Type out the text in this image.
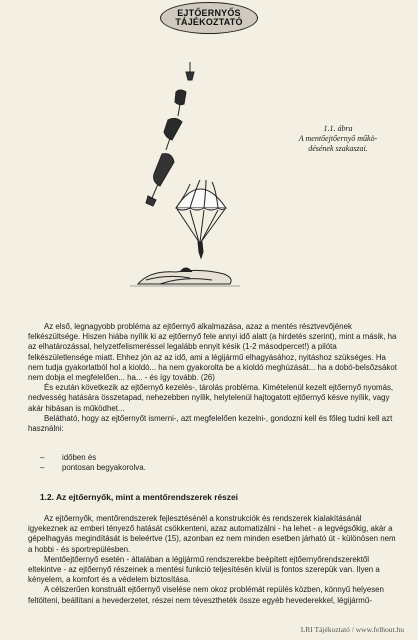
EJTŐERNYŐS
TÁJÉKOZTATÓ
1.1. ábra
A mentőejtőernyő műkö-
désének szakaszai.

Az első, legnagyobb probléma az ejtőernyő alkalmazása, azaz a mentés résztvevőjének felkészültsége. Hiszen hiába nyílik ki az ejtőernyő fele annyi idő alatt (a hirdetés szerint), mint a másik, ha az elhatározással, helyzetfelismeréssel legalább ennyit késik (1-2 másodpercet!) a pilóta felkészületlensége miatt. Ehhez jön az az idő, ami a légijármű elhagyásához, nyitáshoz szükséges. Ha nem tudja gyakorlatból hol a kioldó... ha nem gyakorolta be a kioldó meghúzását... ha a dobó-belsőzsákot nem dobja el megfelelően... ha... - és így tovább. (26)

És ezután következik az ejtőernyő kezelés-, tárolás probléma. Kimételenül kezelt ejtőernyő nyomás, nedvesség hatására összetapad, nehezebben nyílik, helytelenül hajtogatott ejtőernyő késve nyílik, vagy akár hibásan is működhet...

Belátható, hogy az ejtőernyőt ismerni-, azt megfelelően kezelni-, gondozni kell és főleg tudni kell azt használni:

–	időben és
–	pontosan begyakorolva.
1.2. Az ejtőernyők, mint a mentőrendszerek részei

Az ejtőernyők, mentőrendszerek fejlesztésénél a konstrukciók és rendszerek kialakításánál igyekeznek az emberi tényező hatását csökkenteni, azaz automatizálni - ha lehet - a legvégsőkig, akár a gépelhagyás megindítását is beleértve (15), azonban ez nem minden esetben járható út - különösen nem a hobbi - és sportrepülésben.

Mentőejtőernyő esetén - általában a légijármű rendszerekbe beépített ejtőernyőrendszerektől eltekintve - az ejtőernyő részeinek a mentési funkció teljesítésén kívül is fontos szerepük van. Ilyen a kényelem, a komfort és a védelem biztosítása.

A célszerűen konstruált ejtőernyő viselése nem okoz problémát repülés közben, könnyű helyesen feltölteni, beállítani a hevederzetet, részei nem tévesztheték össze egyéb hevederekkel, légijármű-

LRI Tájékoztató / www.felhout.hu
